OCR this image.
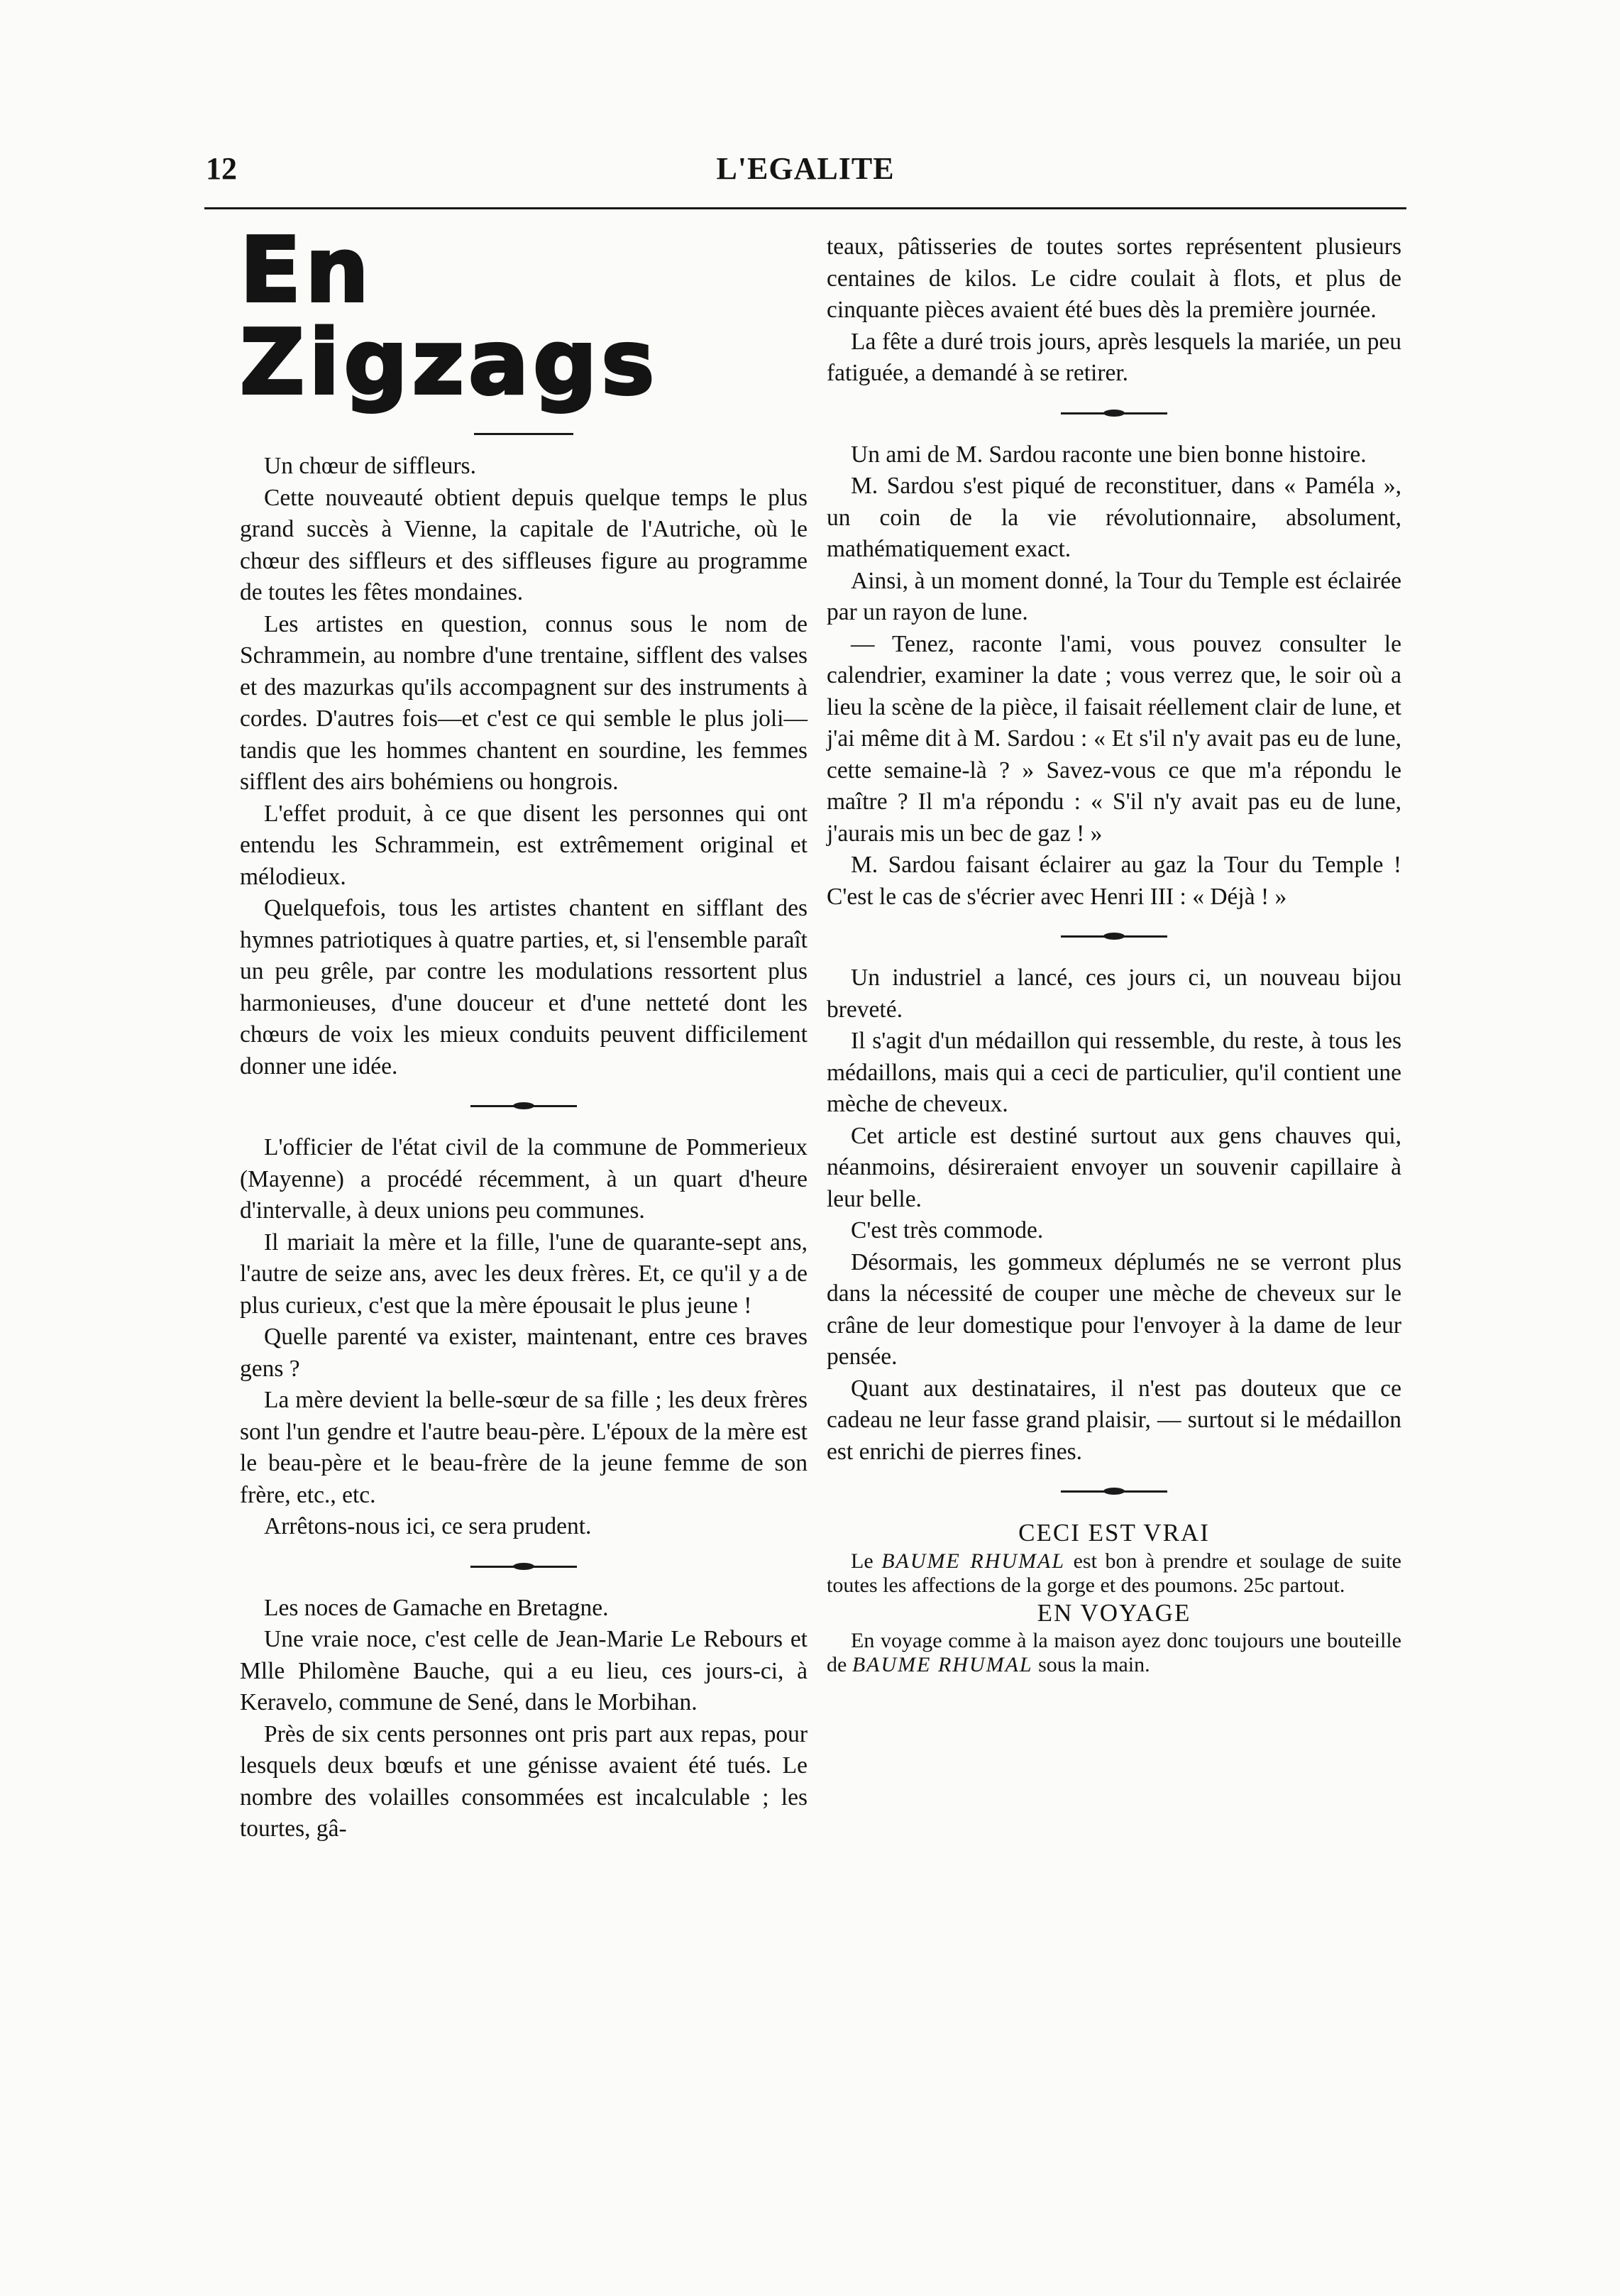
12	L'EGALITE

En Zigzags

Un chœur de siffleurs.

Cette nouveauté obtient depuis quelque temps le plus grand succès à Vienne, la capitale de l'Autriche, où le chœur des siffleurs et des siffleuses figure au programme de toutes les fêtes mondaines.

Les artistes en question, connus sous le nom de Schrammein, au nombre d'une trentaine, sifflent des valses et des mazurkas qu'ils accompagnent sur des instruments à cordes. D'autres fois—et c'est ce qui semble le plus joli—tandis que les hommes chantent en sourdine, les femmes sifflent des airs bohémiens ou hongrois.

L'effet produit, à ce que disent les personnes qui ont entendu les Schrammein, est extrêmement original et mélodieux.

Quelquefois, tous les artistes chantent en sifflant des hymnes patriotiques à quatre parties, et, si l'ensemble paraît un peu grêle, par contre les modulations ressortent plus harmonieuses, d'une douceur et d'une netteté dont les chœurs de voix les mieux conduits peuvent difficilement donner une idée.

L'officier de l'état civil de la commune de Pommerieux (Mayenne) a procédé récemment, à un quart d'heure d'intervalle, à deux unions peu communes.

Il mariait la mère et la fille, l'une de quarante-sept ans, l'autre de seize ans, avec les deux frères. Et, ce qu'il y a de plus curieux, c'est que la mère épousait le plus jeune !

Quelle parenté va exister, maintenant, entre ces braves gens ?

La mère devient la belle-sœur de sa fille ; les deux frères sont l'un gendre et l'autre beau-père. L'époux de la mère est le beau-père et le beau-frère de la jeune femme de son frère, etc., etc.

Arrêtons-nous ici, ce sera prudent.

Les noces de Gamache en Bretagne.

Une vraie noce, c'est celle de Jean-Marie Le Rebours et Mlle Philomène Bauche, qui a eu lieu, ces jours-ci, à Keravelo, commune de Sené, dans le Morbihan.

Près de six cents personnes ont pris part aux repas, pour lesquels deux bœufs et une génisse avaient été tués. Le nombre des volailles consommées est incalculable ; les tourtes, gâ-

teaux, pâtisseries de toutes sortes représentent plusieurs centaines de kilos. Le cidre coulait à flots, et plus de cinquante pièces avaient été bues dès la première journée.

La fête a duré trois jours, après lesquels la mariée, un peu fatiguée, a demandé à se retirer.

Un ami de M. Sardou raconte une bien bonne histoire.

M. Sardou s'est piqué de reconstituer, dans « Paméla », un coin de la vie révolutionnaire, absolument, mathématiquement exact.

Ainsi, à un moment donné, la Tour du Temple est éclairée par un rayon de lune.

— Tenez, raconte l'ami, vous pouvez consulter le calendrier, examiner la date ; vous verrez que, le soir où a lieu la scène de la pièce, il faisait réellement clair de lune, et j'ai même dit à M. Sardou : « Et s'il n'y avait pas eu de lune, cette semaine-là ? » Savez-vous ce que m'a répondu le maître ? Il m'a répondu : « S'il n'y avait pas eu de lune, j'aurais mis un bec de gaz ! »

M. Sardou faisant éclairer au gaz la Tour du Temple ! C'est le cas de s'écrier avec Henri III : « Déjà ! »

Un industriel a lancé, ces jours ci, un nouveau bijou breveté.

Il s'agit d'un médaillon qui ressemble, du reste, à tous les médaillons, mais qui a ceci de particulier, qu'il contient une mèche de cheveux.

Cet article est destiné surtout aux gens chauves qui, néanmoins, désireraient envoyer un souvenir capillaire à leur belle.

C'est très commode.

Désormais, les gommeux déplumés ne se verront plus dans la nécessité de couper une mèche de cheveux sur le crâne de leur domestique pour l'envoyer à la dame de leur pensée.

Quant aux destinataires, il n'est pas douteux que ce cadeau ne leur fasse grand plaisir, — surtout si le médaillon est enrichi de pierres fines.

CECI EST VRAI

Le BAUME RHUMAL est bon à prendre et soulage de suite toutes les affections de la gorge et des poumons. 25c partout.

EN VOYAGE

En voyage comme à la maison ayez donc toujours une bouteille de BAUME RHUMAL sous la main.
